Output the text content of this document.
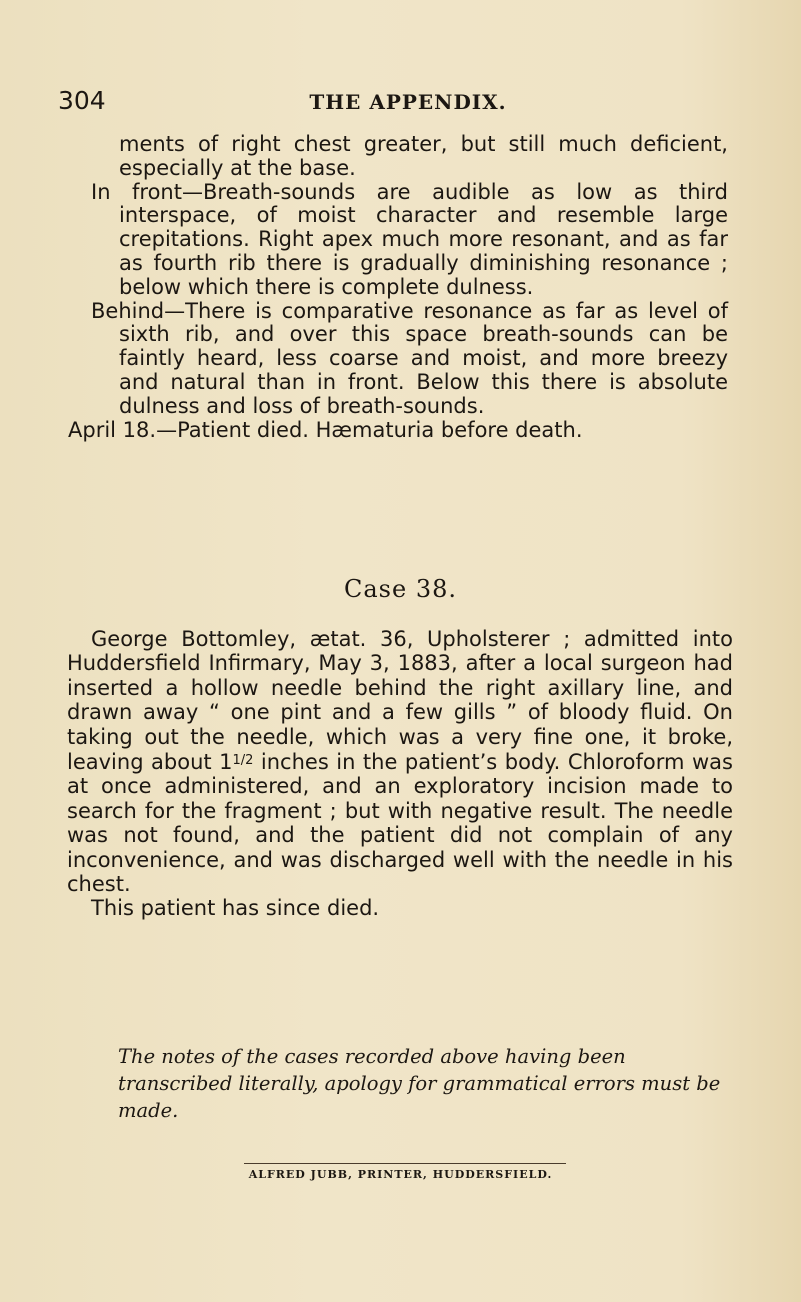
304	THE APPENDIX.

ments of right chest greater, but still much deficient, especially at the base.

In front—Breath-sounds are audible as low as third interspace, of moist character and resemble large crepitations. Right apex much more resonant, and as far as fourth rib there is gradually diminishing resonance ; below which there is complete dulness.

Behind—There is comparative resonance as far as level of sixth rib, and over this space breath-sounds can be faintly heard, less coarse and moist, and more breezy and natural than in front. Below this there is absolute dulness and loss of breath-sounds.

April 18.—Patient died. Hæmaturia before death.

Case 38.

George Bottomley, ætat. 36, Upholsterer ; admitted into Huddersfield Infirmary, May 3, 1883, after a local surgeon had inserted a hollow needle behind the right axillary line, and drawn away “ one pint and a few gills ” of bloody fluid. On taking out the needle, which was a very fine one, it broke, leaving about $1^{1/2}$ inches in the patient’s body. Chloroform was at once administered, and an exploratory incision made to search for the fragment ; but with negative result. The needle was not found, and the patient did not complain of any inconvenience, and was discharged well with the needle in his chest.

This patient has since died.

The notes of the cases recorded above having been transcribed literally, apology for grammatical errors must be made.
ALFRED JUBB, PRINTER, HUDDERSFIELD.
